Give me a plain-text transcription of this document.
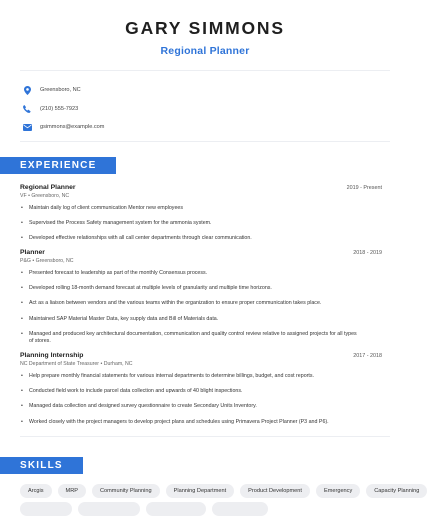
GARY SIMMONS
Regional Planner
Greensboro, NC
(210) 555-7923
gsimmons@example.com
EXPERIENCE
Regional Planner	2019 - Present
VF • Greensboro, NC
• Maintain daily log of client communication Mentor new employees
• Supervised the Process Safety management system for the ammonia system.
• Developed effective relationships with all call center departments through clear communication.
Planner	2018 - 2019
P&G • Greensboro, NC
• Presented forecast to leadership as part of the monthly Consensus process.
• Developed rolling 18-month demand forecast at multiple levels of granularity and multiple time horizons.
• Act as a liaison between vendors and the various teams within the organization to ensure proper communication takes place.
• Maintained SAP Material Master Data, key supply data and Bill of Materials data.
• Managed and produced key architectural documentation, communication and quality control review relative to assigned projects for all types of stores.
Planning Internship	2017 - 2018
NC Department of State Treasurer • Durham, NC
• Help prepare monthly financial statements for various internal departments to determine billings, budget, and cost reports.
• Conducted field work to include parcel data collection and upwards of 40 blight inspections.
• Managed data collection and designed survey questionnaire to create Secondary Units Inventory.
• Worked closely with the project managers to develop project plans and schedules using Primavera Project Planner (P3 and P6).
SKILLS
Arcgis	MRP	Community Planning	Planning Department	Product Development	Emergency	Capacity Planning
